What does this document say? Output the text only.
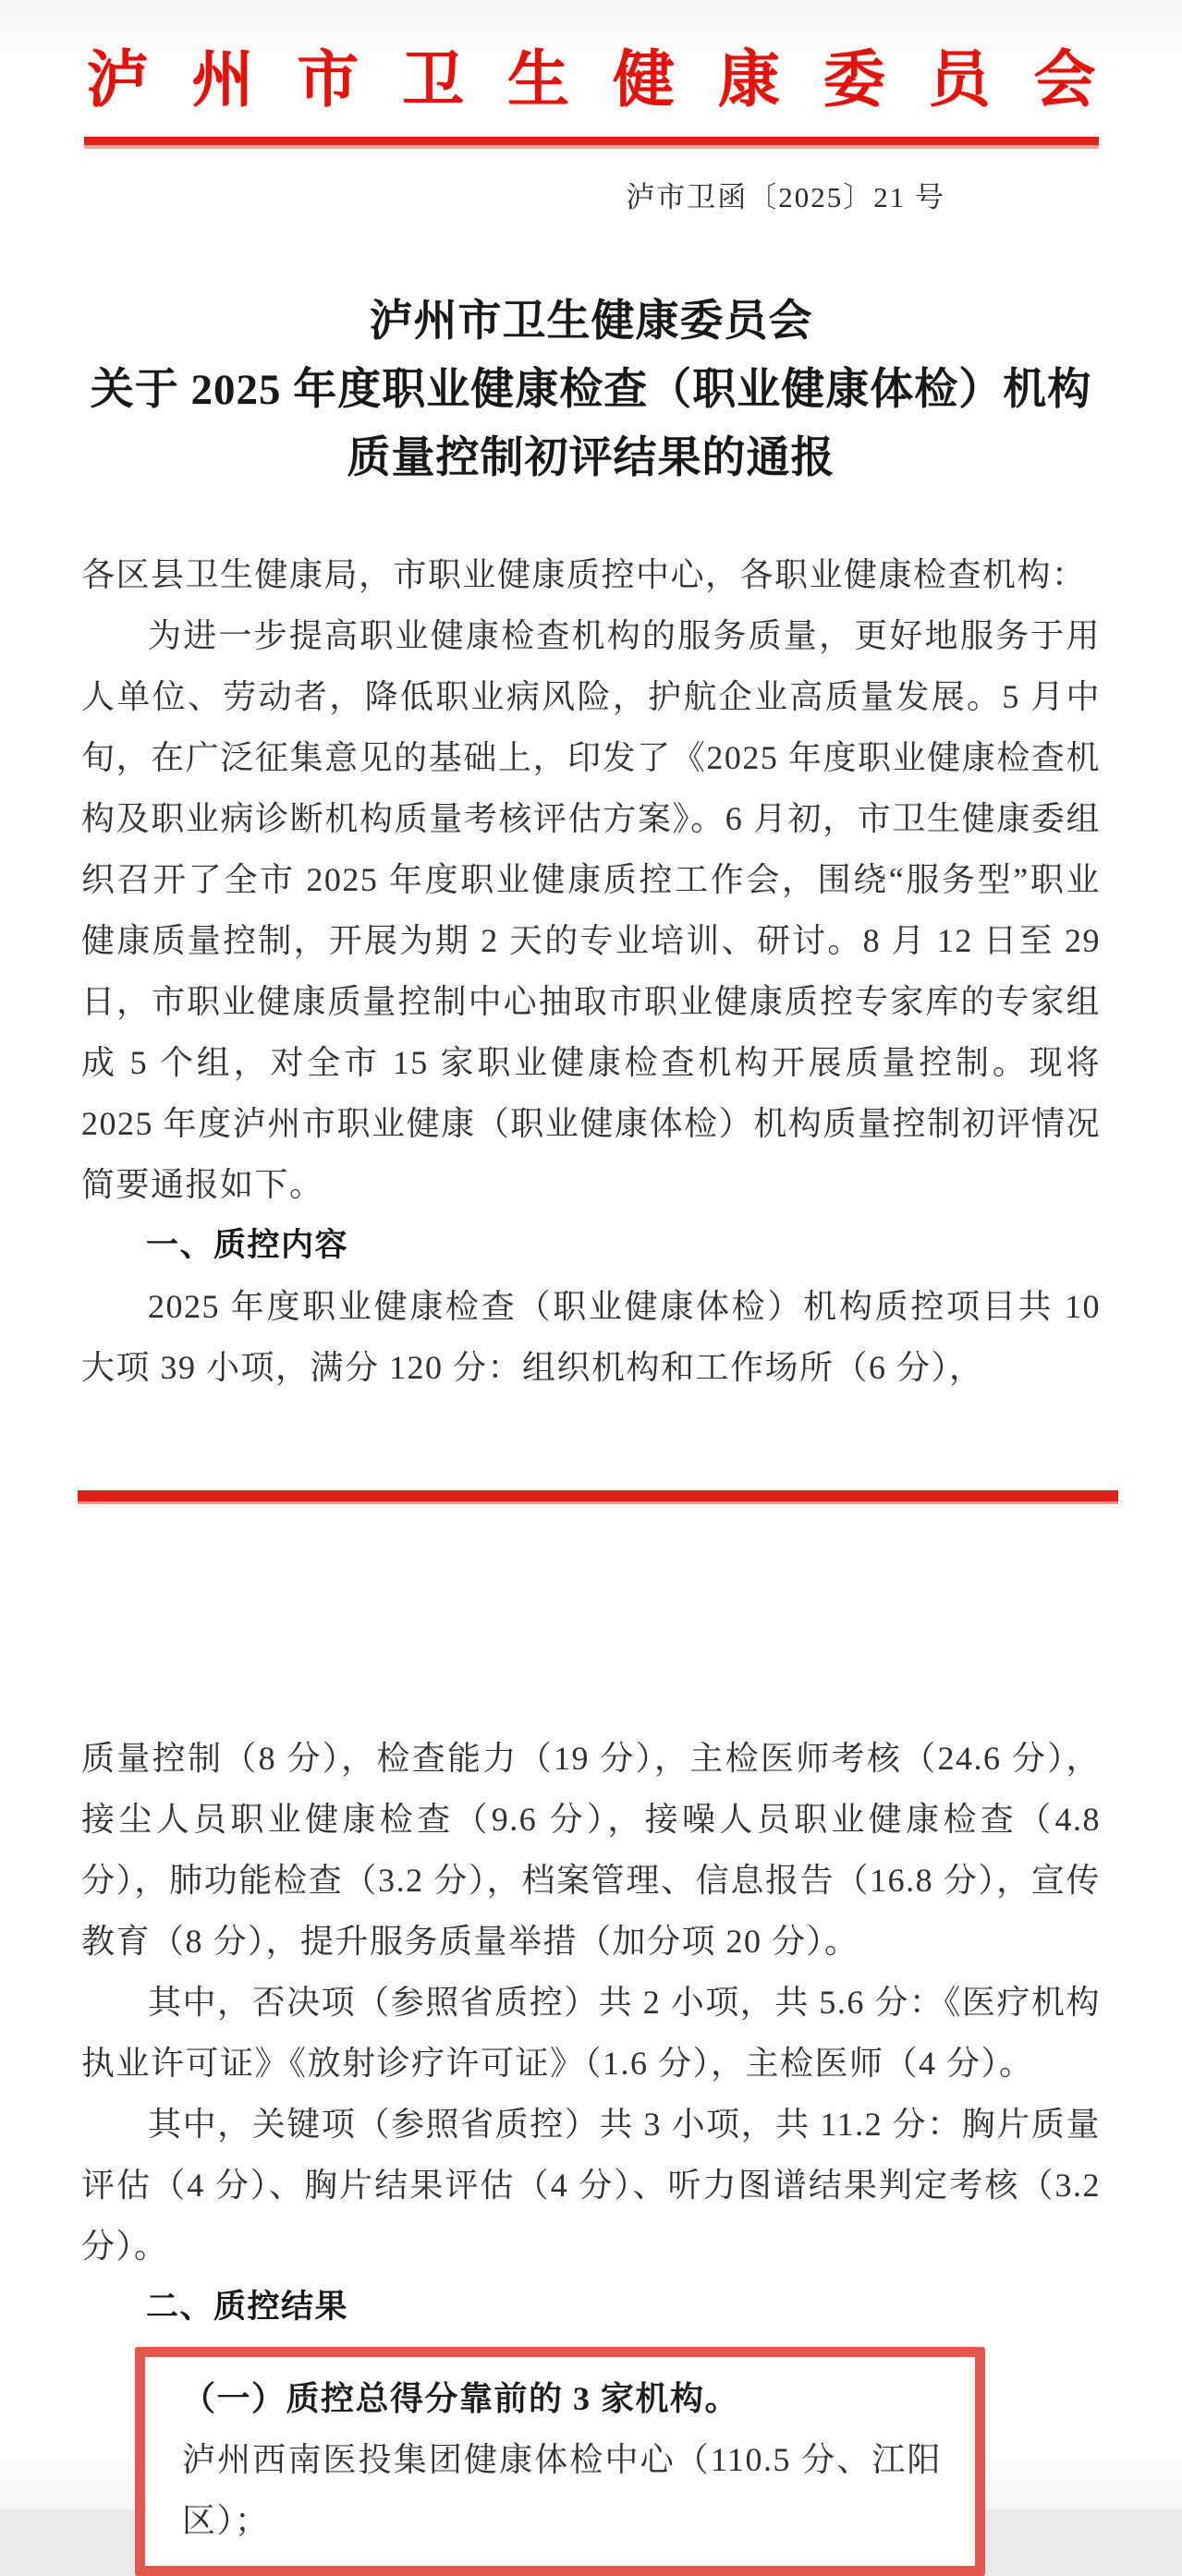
泸州市卫生健康委员会
泸市卫函〔2025〕21 号
泸州市卫生健康委员会
关于 2025 年度职业健康检查（职业健康体检）机构
质量控制初评结果的通报

各区县卫生健康局，市职业健康质控中心，各职业健康检查机构：

为进一步提高职业健康检查机构的服务质量，更好地服务于用人单位、劳动者，降低职业病风险，护航企业高质量发展。5 月中旬，在广泛征集意见的基础上，印发了《2025 年度职业健康检查机构及职业病诊断机构质量考核评估方案》。6 月初，市卫生健康委组织召开了全市 2025 年度职业健康质控工作会，围绕“服务型”职业健康质量控制，开展为期 2 天的专业培训、研讨。8 月 12 日至 29 日，市职业健康质量控制中心抽取市职业健康质控专家库的专家组成 5 个组，对全市 15 家职业健康检查机构开展质量控制。现将 2025 年度泸州市职业健康（职业健康体检）机构质量控制初评情况简要通报如下。

一、质控内容

2025 年度职业健康检查（职业健康体检）机构质控项目共 10 大项 39 小项，满分 120 分：组织机构和工作场所（6 分），

质量控制（8 分），检查能力（19 分），主检医师考核（24.6 分），接尘人员职业健康检查（9.6 分），接噪人员职业健康检查（4.8 分），肺功能检查（3.2 分），档案管理、信息报告（16.8 分），宣传教育（8 分），提升服务质量举措（加分项 20 分）。

其中，否决项（参照省质控）共 2 小项，共 5.6 分：《医疗机构执业许可证》《放射诊疗许可证》（1.6 分），主检医师（4 分）。

其中，关键项（参照省质控）共 3 小项，共 11.2 分：胸片质量评估（4 分）、胸片结果评估（4 分）、听力图谱结果判定考核（3.2 分）。

二、质控结果

（一）质控总得分靠前的 3 家机构。

泸州西南医投集团健康体检中心（110.5 分、江阳区）；
